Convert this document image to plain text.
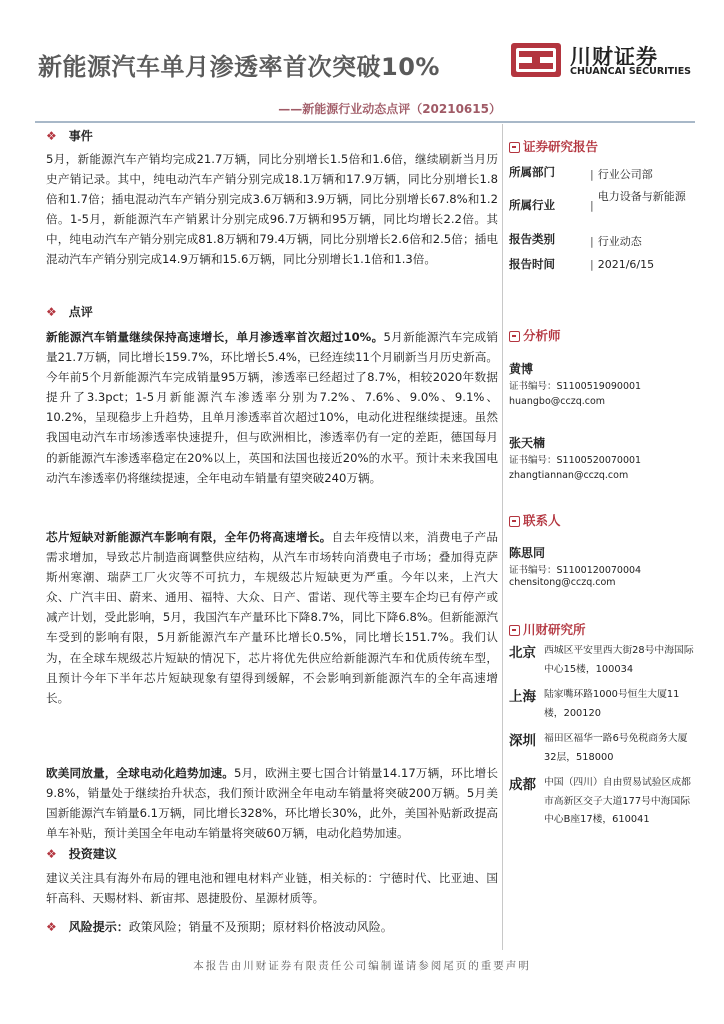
新能源汽车单月渗透率首次突破10%	川财证券
CHUANCAI SECURITIES
——新能源行业动态点评（20210615）
❖ 事件
5月，新能源汽车产销均完成21.7万辆，同比分别增长1.5倍和1.6倍，继续刷新当月历史产销记录。其中，纯电动汽车产销分别完成18.1万辆和17.9万辆，同比分别增长1.8倍和1.7倍；插电混动汽车产销分别完成3.6万辆和3.9万辆，同比分别增长67.8%和1.2倍。1-5月，新能源汽车产销累计分别完成96.7万辆和95万辆，同比均增长2.2倍。其中，纯电动汽车产销分别完成81.8万辆和79.4万辆，同比分别增长2.6倍和2.5倍；插电混动汽车产销分别完成14.9万辆和15.6万辆，同比分别增长1.1倍和1.3倍。
❖ 点评
新能源汽车销量继续保持高速增长，单月渗透率首次超过10%。5月新能源汽车完成销量21.7万辆，同比增长159.7%，环比增长5.4%，已经连续11个月刷新当月历史新高。今年前5个月新能源汽车完成销量95万辆，渗透率已经超过了8.7%，相较2020年数据提升了3.3pct；1-5月新能源汽车渗透率分别为7.2%、7.6%、9.0%、9.1%、10.2%，呈现稳步上升趋势，且单月渗透率首次超过10%，电动化进程继续提速。虽然我国电动汽车市场渗透率快速提升，但与欧洲相比，渗透率仍有一定的差距，德国每月的新能源汽车渗透率稳定在20%以上，英国和法国也接近20%的水平。预计未来我国电动汽车渗透率仍将继续提速，全年电动车销量有望突破240万辆。
芯片短缺对新能源汽车影响有限，全年仍将高速增长。自去年疫情以来，消费电子产品需求增加，导致芯片制造商调整供应结构，从汽车市场转向消费电子市场；叠加得克萨斯州寒潮、瑞萨工厂火灾等不可抗力，车规级芯片短缺更为严重。今年以来，上汽大众、广汽丰田、蔚来、通用、福特、大众、日产、雷诺、现代等主要车企均已有停产或减产计划，受此影响，5月，我国汽车产量环比下降8.7%，同比下降6.8%。但新能源汽车受到的影响有限，5月新能源汽车产量环比增长0.5%，同比增长151.7%。我们认为，在全球车规级芯片短缺的情况下，芯片将优先供应给新能源汽车和优质传统车型，且预计今年下半年芯片短缺现象有望得到缓解，不会影响到新能源汽车的全年高速增长。
欧美同放量，全球电动化趋势加速。5月，欧洲主要七国合计销量14.17万辆，环比增长9.8%，销量处于继续抬升状态，我们预计欧洲全年电动车销量将突破200万辆。5月美国新能源汽车销量6.1万辆，同比增长328%，环比增长30%，此外，美国补贴新政提高单车补贴，预计美国全年电动车销量将突破60万辆，电动化趋势加速。
❖ 投资建议
建议关注具有海外布局的锂电池和锂电材料产业链，相关标的：宁德时代、比亚迪、国轩高科、天赐材料、新宙邦、恩捷股份、星源材质等。
❖ 风险提示：政策风险；销量不及预期；原材料价格波动风险。
证券研究报告
所属部门	| 行业公司部
所属行业	|
电力设备与新能源
报告类别	| 行业动态
报告时间	| 2021/6/15
分析师
黄博
证书编号：S1100519090001
huangbo@cczq.com
张天楠
证书编号：S1100520070001
zhangtiannan@cczq.com
联系人
陈思同
证书编号：S1100120070004
chensitong@cczq.com
川财研究所
北京 西城区平安里西大街28号中海国际中心15楼，100034
上海 陆家嘴环路1000号恒生大厦11楼，200120
深圳 福田区福华一路6号免税商务大厦32层，518000
成都 中国（四川）自由贸易试验区成都市高新区交子大道177号中海国际中心B座17楼，610041
本报告由川财证券有限责任公司编制谨请参阅尾页的重要声明
